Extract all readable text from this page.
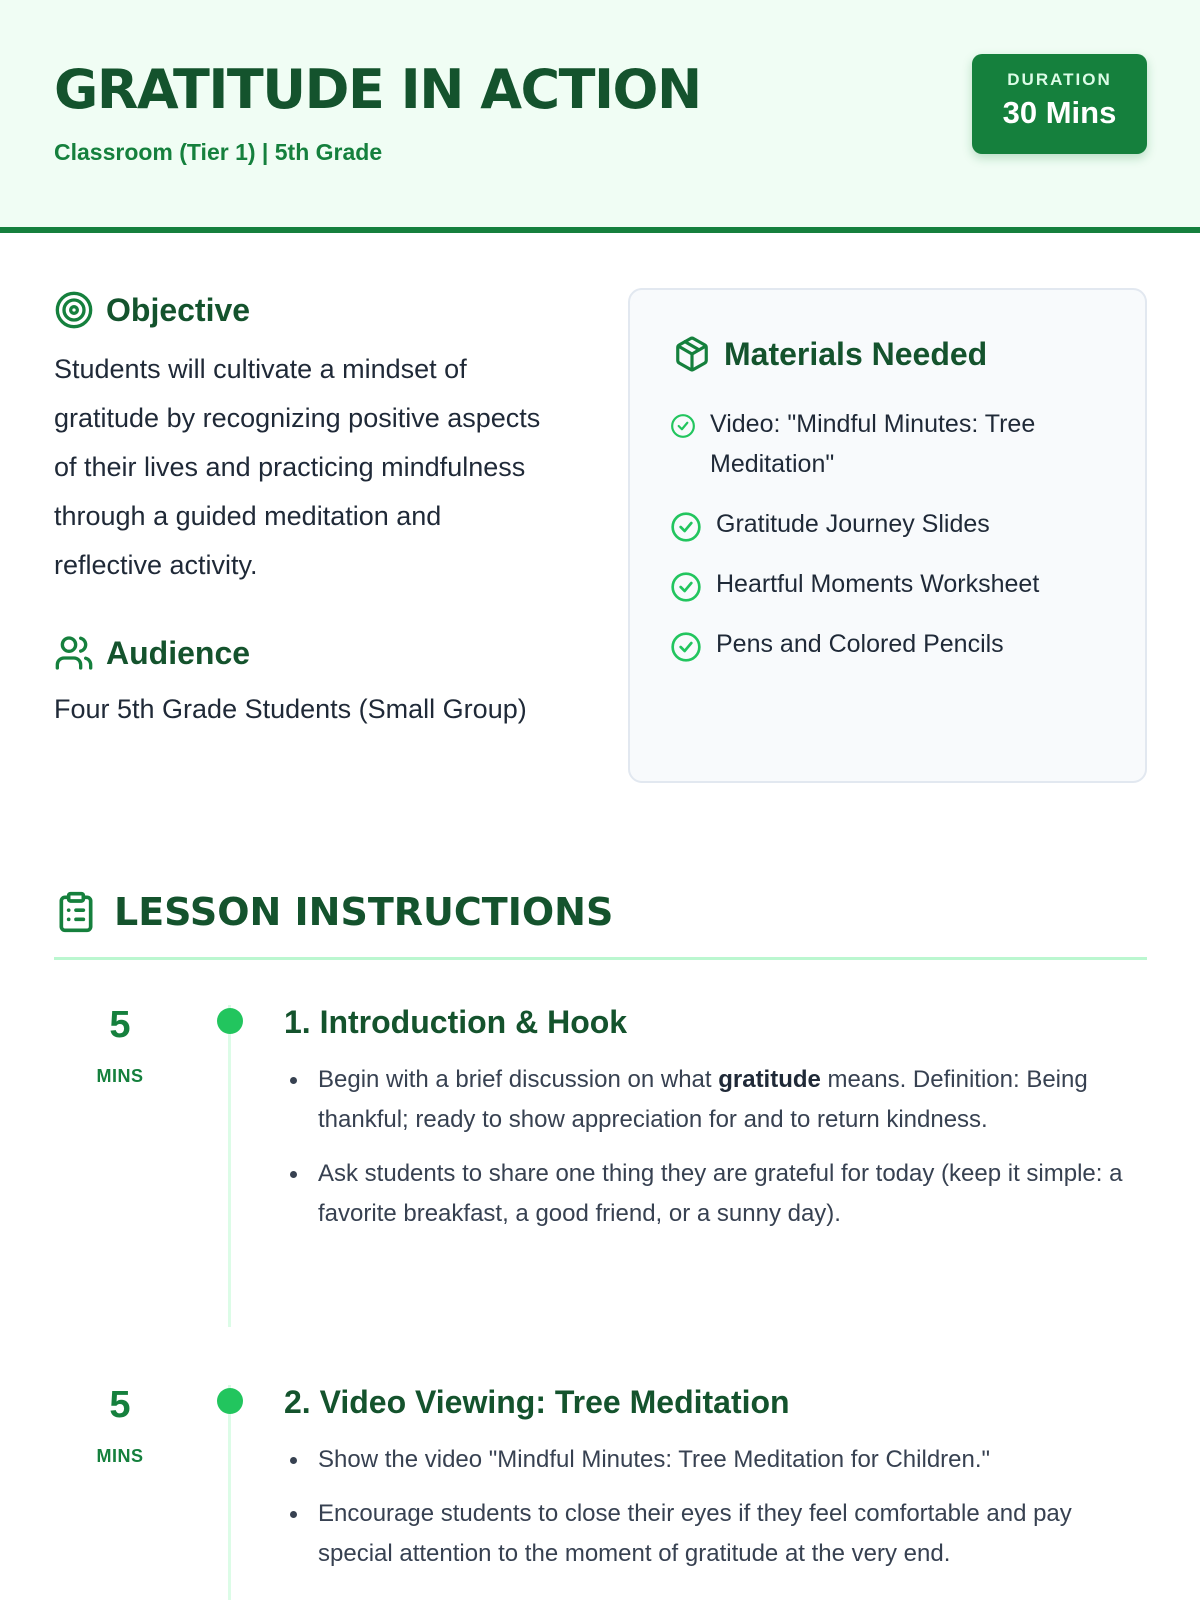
GRATITUDE IN ACTION
Classroom (Tier 1) | 5th Grade
DURATION
30 Mins
Objective
Students will cultivate a mindset of gratitude by recognizing positive aspects of their lives and practicing mindfulness through a guided meditation and reflective activity.
Audience
Four 5th Grade Students (Small Group)
Materials Needed
Video: "Mindful Minutes: Tree Meditation"
Gratitude Journey Slides
Heartful Moments Worksheet
Pens and Colored Pencils
LESSON INSTRUCTIONS
5
MINS
1. Introduction & Hook
Begin with a brief discussion on what gratitude means. Definition: Being thankful; ready to show appreciation for and to return kindness.
Ask students to share one thing they are grateful for today (keep it simple: a favorite breakfast, a good friend, or a sunny day).
5
MINS
2. Video Viewing: Tree Meditation
Show the video "Mindful Minutes: Tree Meditation for Children."
Encourage students to close their eyes if they feel comfortable and pay special attention to the moment of gratitude at the very end.
